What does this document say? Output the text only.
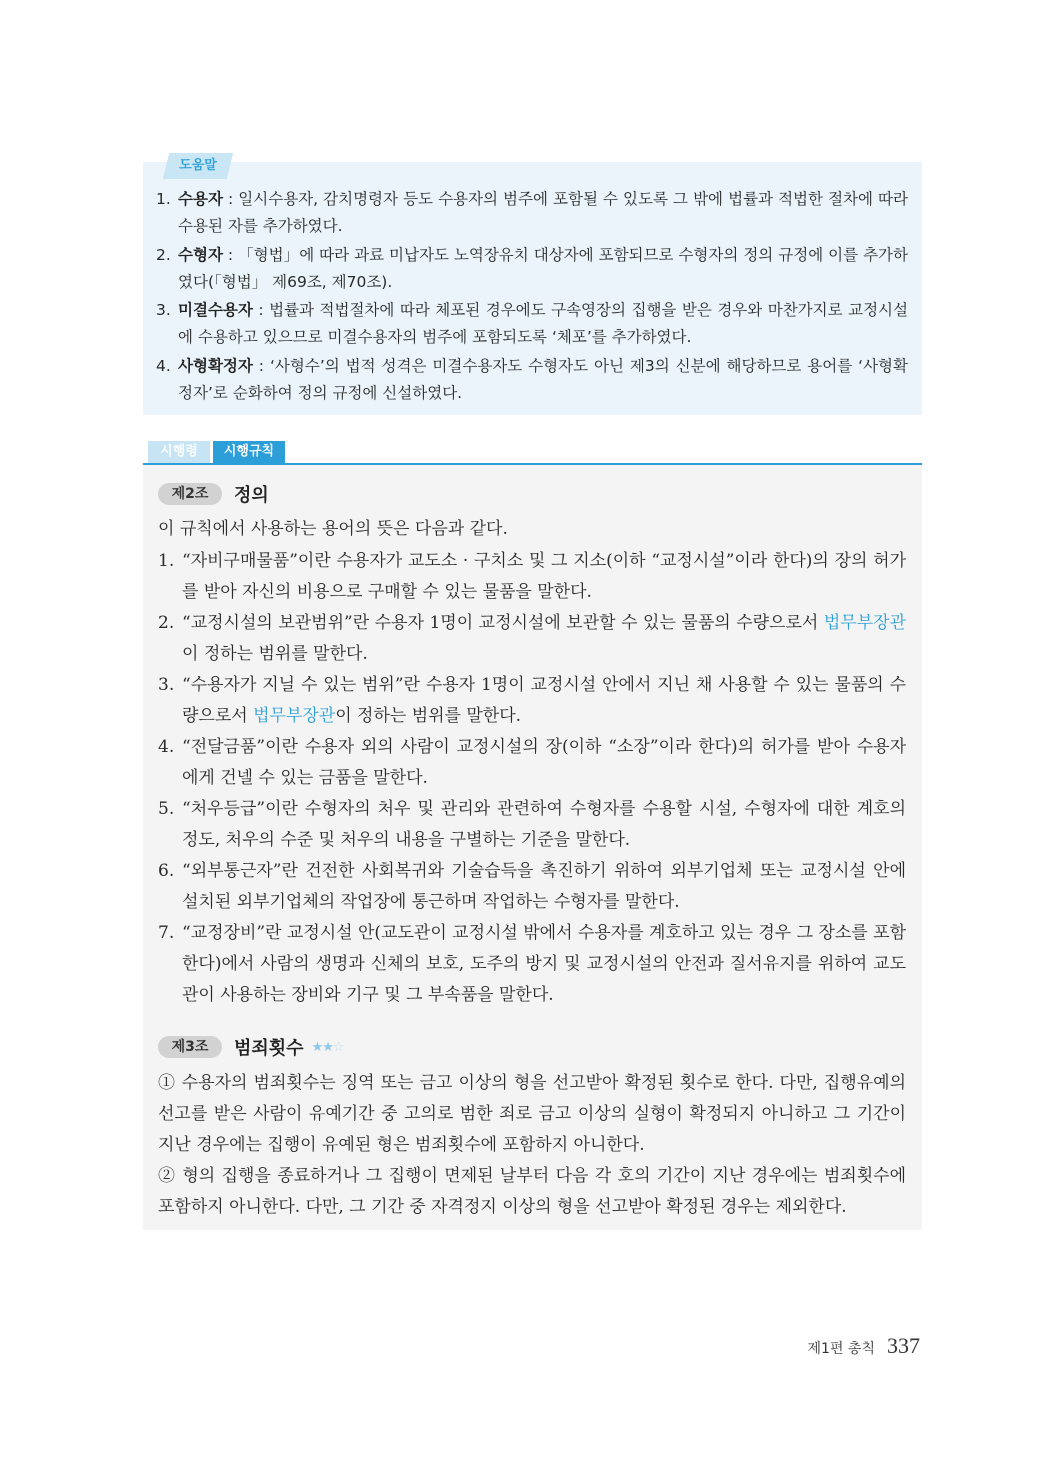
도움말
1. 수용자 : 일시수용자, 감치명령자 등도 수용자의 범주에 포함될 수 있도록 그 밖에 법률과 적법한 절차에 따라 수용된 자를 추가하였다.
2. 수형자 : 「형법」에 따라 과료 미납자도 노역장유치 대상자에 포함되므로 수형자의 정의 규정에 이를 추가하였다(「형법」 제69조, 제70조).
3. 미결수용자 : 법률과 적법절차에 따라 체포된 경우에도 구속영장의 집행을 받은 경우와 마찬가지로 교정시설에 수용하고 있으므로 미결수용자의 범주에 포함되도록 ‘체포’를 추가하였다.
4. 사형확정자 : ‘사형수’의 법적 성격은 미결수용자도 수형자도 아닌 제3의 신분에 해당하므로 용어를 ‘사형확정자’로 순화하여 정의 규정에 신설하였다.
시행령	시행규칙
제2조	정의
이 규칙에서 사용하는 용어의 뜻은 다음과 같다.
1. “자비구매물품”이란 수용자가 교도소 · 구치소 및 그 지소(이하 “교정시설”이라 한다)의 장의 허가를 받아 자신의 비용으로 구매할 수 있는 물품을 말한다.
2. “교정시설의 보관범위”란 수용자 1명이 교정시설에 보관할 수 있는 물품의 수량으로서 법무부장관이 정하는 범위를 말한다.
3. “수용자가 지닐 수 있는 범위”란 수용자 1명이 교정시설 안에서 지닌 채 사용할 수 있는 물품의 수량으로서 법무부장관이 정하는 범위를 말한다.
4. “전달금품”이란 수용자 외의 사람이 교정시설의 장(이하 “소장”이라 한다)의 허가를 받아 수용자에게 건넬 수 있는 금품을 말한다.
5. “처우등급”이란 수형자의 처우 및 관리와 관련하여 수형자를 수용할 시설, 수형자에 대한 계호의 정도, 처우의 수준 및 처우의 내용을 구별하는 기준을 말한다.
6. “외부통근자”란 건전한 사회복귀와 기술습득을 촉진하기 위하여 외부기업체 또는 교정시설 안에 설치된 외부기업체의 작업장에 통근하며 작업하는 수형자를 말한다.
7. “교정장비”란 교정시설 안(교도관이 교정시설 밖에서 수용자를 계호하고 있는 경우 그 장소를 포함한다)에서 사람의 생명과 신체의 보호, 도주의 방지 및 교정시설의 안전과 질서유지를 위하여 교도관이 사용하는 장비와 기구 및 그 부속품을 말한다.
제3조	범죄횟수 ★★☆
① 수용자의 범죄횟수는 징역 또는 금고 이상의 형을 선고받아 확정된 횟수로 한다. 다만, 집행유예의 선고를 받은 사람이 유예기간 중 고의로 범한 죄로 금고 이상의 실형이 확정되지 아니하고 그 기간이 지난 경우에는 집행이 유예된 형은 범죄횟수에 포함하지 아니한다.
② 형의 집행을 종료하거나 그 집행이 면제된 날부터 다음 각 호의 기간이 지난 경우에는 범죄횟수에 포함하지 아니한다. 다만, 그 기간 중 자격정지 이상의 형을 선고받아 확정된 경우는 제외한다.
제1편 총칙 337
